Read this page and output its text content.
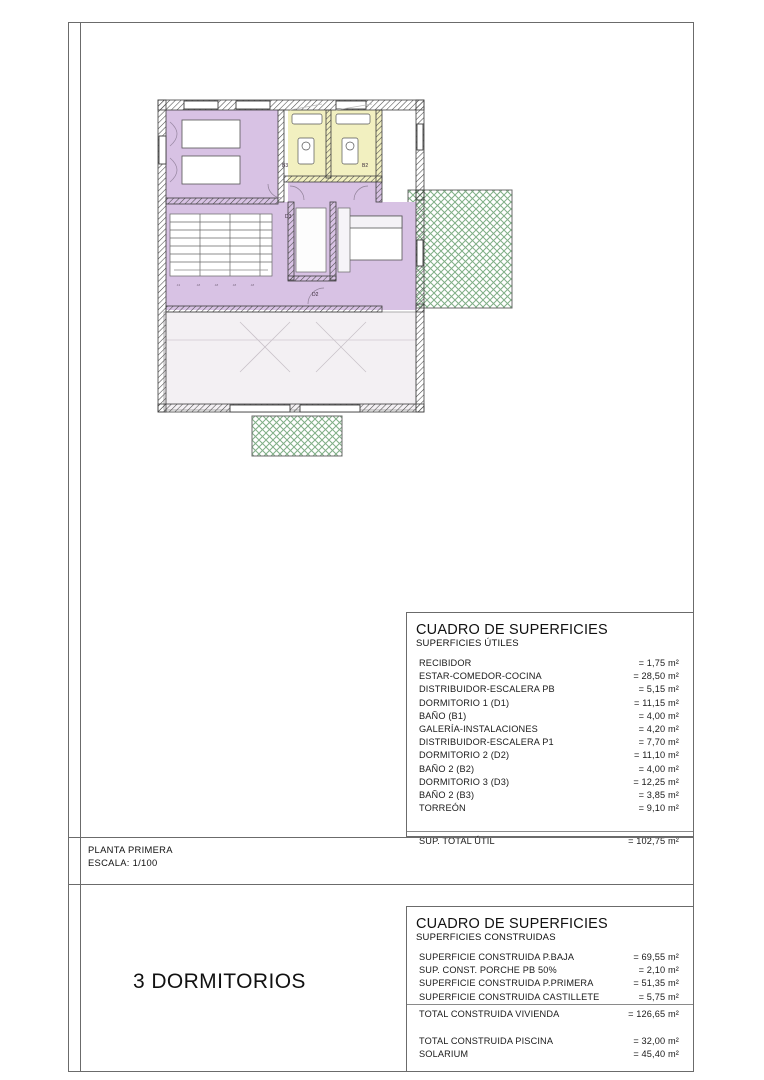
B3	B2
D3
D2
.13	.18	.18	.18	.18
CUADRO DE SUPERFICIES
SUPERFICIES ÚTILES
RECIBIDOR	= 1,75 m²
ESTAR-COMEDOR-COCINA	= 28,50 m²
DISTRIBUIDOR-ESCALERA PB	= 5,15 m²
DORMITORIO 1 (D1)	= 11,15 m²
BAÑO (B1)	= 4,00 m²
GALERÍA-INSTALACIONES	= 4,20 m²
DISTRIBUIDOR-ESCALERA P1	= 7,70 m²
DORMITORIO 2 (D2)	= 11,10 m²
BAÑO 2 (B2)	= 4,00 m²
DORMITORIO 3 (D3)	= 12,25 m²
BAÑO 2 (B3)	= 3,85 m²
TORREÓN	= 9,10 m²
SUP. TOTAL ÚTIL	= 102,75 m²
PLANTA PRIMERA
ESCALA: 1/100
3 DORMITORIOS
CUADRO DE SUPERFICIES
SUPERFICIES CONSTRUIDAS
SUPERFICIE CONSTRUIDA P.BAJA	= 69,55 m²
SUP. CONST. PORCHE PB 50%	= 2,10 m²
SUPERFICIE CONSTRUIDA P.PRIMERA	= 51,35 m²
SUPERFICIE CONSTRUIDA CASTILLETE	= 5,75 m²
TOTAL CONSTRUIDA VIVIENDA	= 126,65 m²
TOTAL CONSTRUIDA PISCINA	= 32,00 m²
SOLARIUM	= 45,40 m²
